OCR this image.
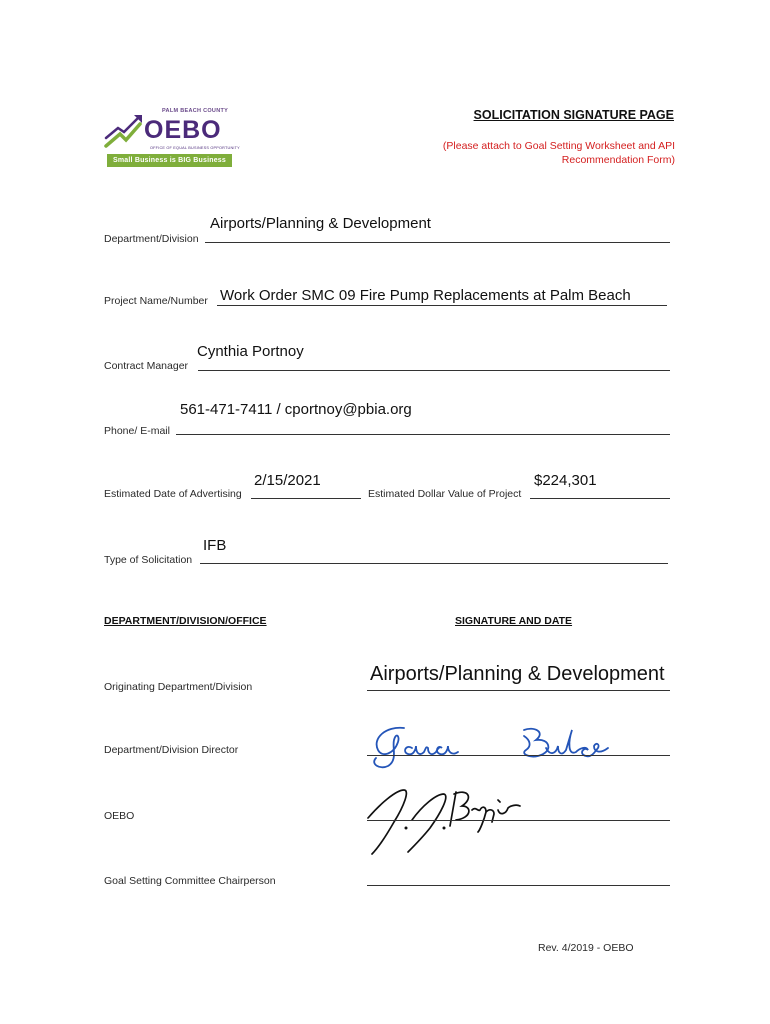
PALM BEACH COUNTY
OEBO
OFFICE OF EQUAL BUSINESS OPPORTUNITY
Small Business is BIG Business
SOLICITATION SIGNATURE PAGE
(Please attach to Goal Setting Worksheet and API
Recommendation Form)
Airports/Planning & Development
Department/Division
Work Order SMC 09 Fire Pump Replacements at Palm Beach
Project Name/Number
Cynthia Portnoy
Contract Manager
561-471-7411 / cportnoy@pbia.org
Phone/ E-mail
2/15/2021
Estimated Date of Advertising
$224,301
Estimated Dollar Value of Project
IFB
Type of Solicitation
DEPARTMENT/DIVISION/OFFICE	SIGNATURE AND DATE
Originating Department/Division
Airports/Planning & Development
Department/Division Director
OEBO
Goal Setting Committee Chairperson
Rev. 4/2019 - OEBO
